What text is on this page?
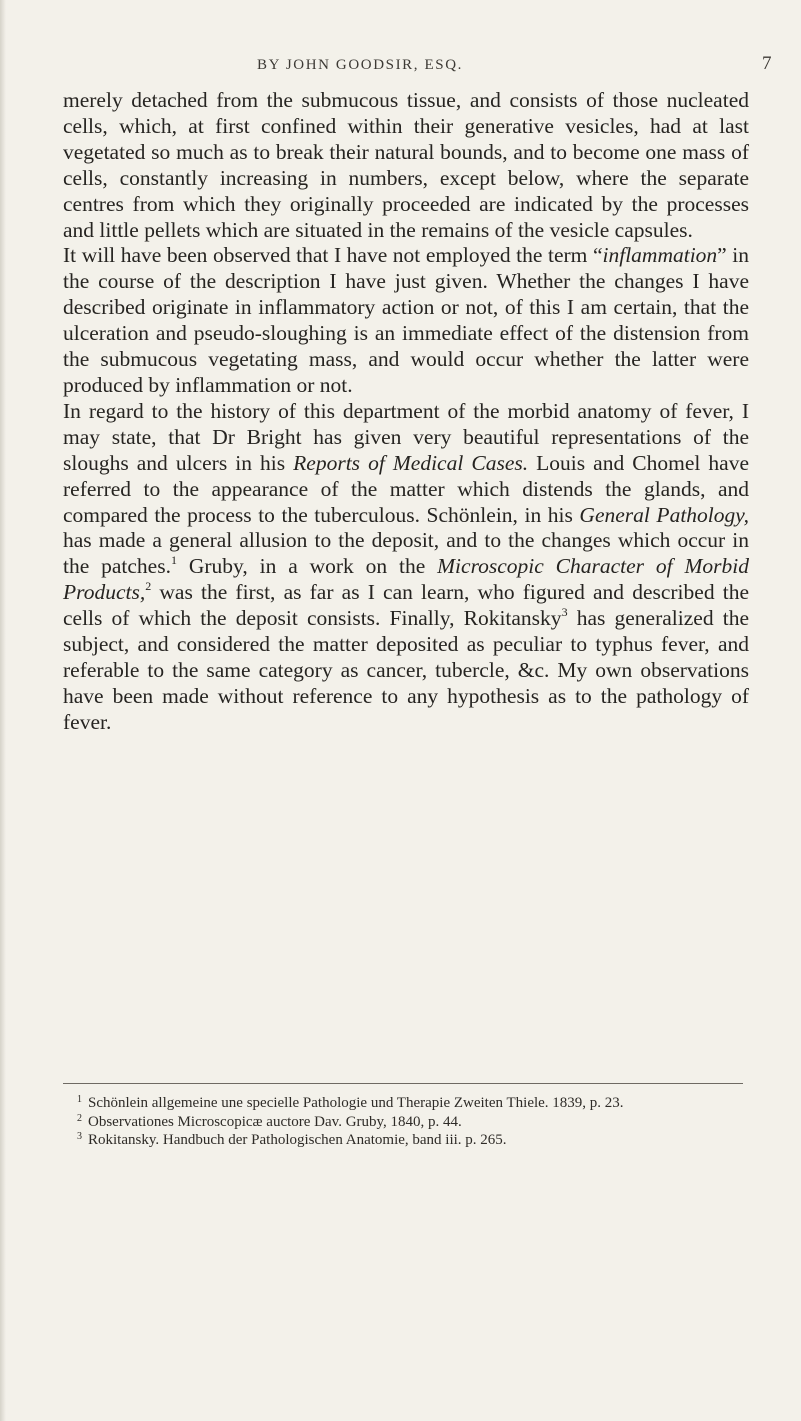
BY JOHN GOODSIR, ESQ.	7

merely detached from the submucous tissue, and consists of those nucleated cells, which, at first confined within their generative vesicles, had at last vegetated so much as to break their natural bounds, and to become one mass of cells, constantly increasing in numbers, except below, where the separate centres from which they originally proceeded are indicated by the processes and little pellets which are situated in the remains of the vesicle capsules.

It will have been observed that I have not employed the term “inflammation” in the course of the description I have just given. Whether the changes I have described originate in inflammatory action or not, of this I am certain, that the ulceration and pseudo-sloughing is an immediate effect of the distension from the submucous vegetating mass, and would occur whether the latter were produced by inflammation or not.

In regard to the history of this department of the morbid anatomy of fever, I may state, that Dr Bright has given very beautiful representations of the sloughs and ulcers in his Reports of Medical Cases. Louis and Chomel have referred to the appearance of the matter which distends the glands, and compared the process to the tuberculous. Schönlein, in his General Pathology, has made a general allusion to the deposit, and to the changes which occur in the patches.$^1$ Gruby, in a work on the Microscopic Character of Morbid Products,$^2$ was the first, as far as I can learn, who figured and described the cells of which the deposit consists. Finally, Rokitansky$^3$ has generalized the subject, and considered the matter deposited as peculiar to typhus fever, and referable to the same category as cancer, tubercle, &c. My own observations have been made without reference to any hypothesis as to the pathology of fever.

$^1$ Schönlein allgemeine une specielle Pathologie und Therapie Zweiten Thiele. 1839, p. 23.

$^2$ Observationes Microscopicæ auctore Dav. Gruby, 1840, p. 44.

$^3$ Rokitansky. Handbuch der Pathologischen Anatomie, band iii. p. 265.
